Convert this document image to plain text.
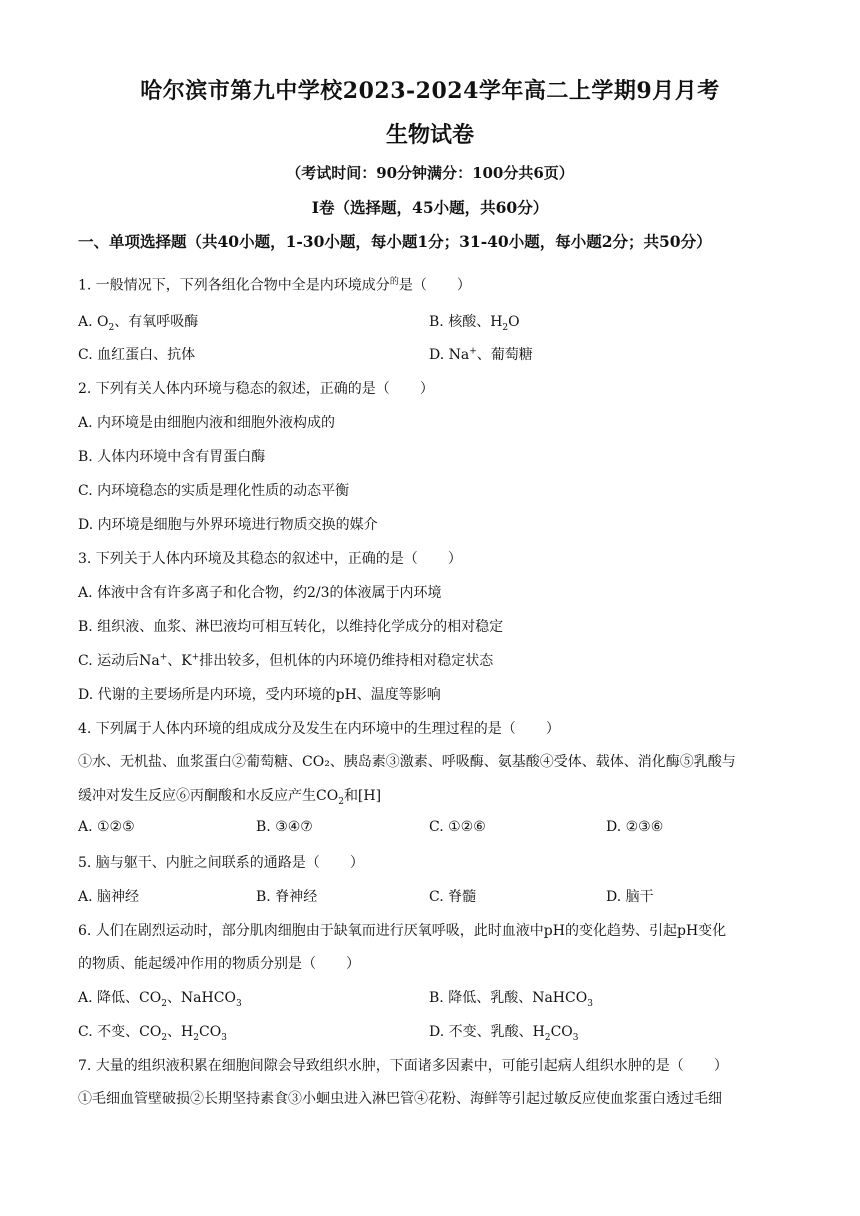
哈尔滨市第九中学校2023-2024学年高二上学期9月月考
生物试卷
（考试时间：90分钟满分：100分共6页）
I卷（选择题，45小题，共60分）
一、单项选择题（共40小题，1-30小题，每小题1分；31-40小题，每小题2分；共50分）
1. 一般情况下，下列各组化合物中全是内环境成分$^的$是（ ）
A. $O_2$、有氧呼吸酶	B. 核酸、$H_2O$
C. 血红蛋白、抗体	D. Na+、葡萄糖
2. 下列有关人体内环境与稳态的叙述，正确的是（ ）
A. 内环境是由细胞内液和细胞外液构成的
B. 人体内环境中含有胃蛋白酶
C. 内环境稳态的实质是理化性质的动态平衡
D. 内环境是细胞与外界环境进行物质交换的媒介
3. 下列关于人体内环境及其稳态的叙述中，正确的是（ ）
A. 体液中含有许多离子和化合物，约2/3的体液属于内环境
B. 组织液、血浆、淋巴液均可相互转化，以维持化学成分的相对稳定
C. 运动后Na+、K+排出较多，但机体的内环境仍维持相对稳定状态
D. 代谢的主要场所是内环境，受内环境的pH、温度等影响
4. 下列属于人体内环境的组成成分及发生在内环境中的生理过程的是（ ）
①水、无机盐、血浆蛋白②葡萄糖、CO₂、胰岛素③激素、呼吸酶、氨基酸④受体、载体、消化酶⑤乳酸与
缓冲对发生反应⑥丙酮酸和水反应产生$CO_2$和[H]
A. ①②⑤	B. ③④⑦	C. ①②⑥	D. ②③⑥
5. 脑与躯干、内脏之间联系的通路是（ ）
A. 脑神经	B. 脊神经	C. 脊髓	D. 脑干
6. 人们在剧烈运动时，部分肌肉细胞由于缺氧而进行厌氧呼吸，此时血液中pH的变化趋势、引起pH变化
的物质、能起缓冲作用的物质分别是（ ）
A. 降低、$CO_2$、NaHCO$_3$	B. 降低、乳酸、NaHCO$_3$
C. 不变、$CO_2$、$H_2CO_3$	D. 不变、乳酸、$H_2CO_3$
7. 大量的组织液积累在细胞间隙会导致组织水肿，下面诸多因素中，可能引起病人组织水肿的是（ ）
①毛细血管壁破损②长期坚持素食③小蛔虫进入淋巴管④花粉、海鲜等引起过敏反应使血浆蛋白透过毛细
